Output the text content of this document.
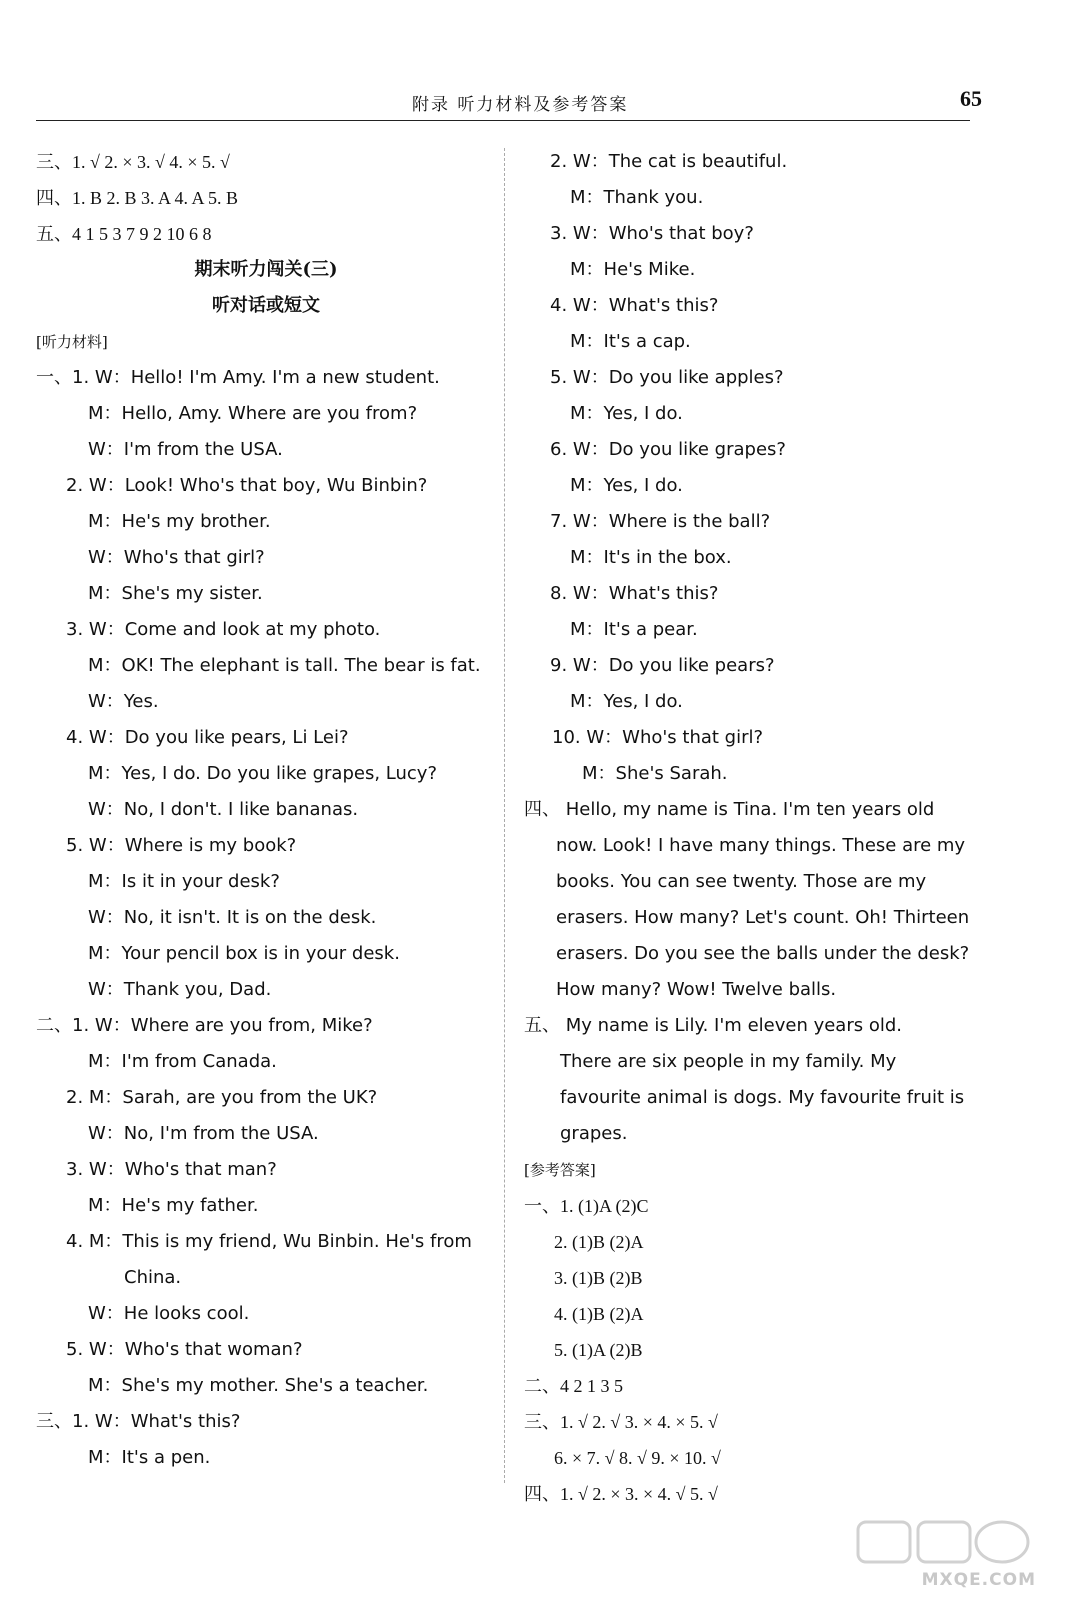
附录 听力材料及参考答案	65
三、1. √ 2. × 3. √ 4. × 5. √
四、1. B 2. B 3. A 4. A 5. B
五、4 1 5 3 7 9 2 10 6 8
期末听力闯关(三)
听对话或短文
[听力材料]
一、1. W：Hello! I'm Amy. I'm a new student.
M：Hello, Amy. Where are you from?
W：I'm from the USA.
2. W：Look! Who's that boy, Wu Binbin?
M：He's my brother.
W：Who's that girl?
M：She's my sister.
3. W：Come and look at my photo.
M：OK! The elephant is tall. The bear is fat.
W：Yes.
4. W：Do you like pears, Li Lei?
M：Yes, I do. Do you like grapes, Lucy?
W：No, I don't. I like bananas.
5. W：Where is my book?
M：Is it in your desk?
W：No, it isn't. It is on the desk.
M：Your pencil box is in your desk.
W：Thank you, Dad.
二、1. W：Where are you from, Mike?
M：I'm from Canada.
2. M：Sarah, are you from the UK?
W：No, I'm from the USA.
3. W：Who's that man?
M：He's my father.
4. M：This is my friend, Wu Binbin. He's from
China.
W：He looks cool.
5. W：Who's that woman?
M：She's my mother. She's a teacher.
三、1. W：What's this?
M：It's a pen.
2. W：The cat is beautiful.
M：Thank you.
3. W：Who's that boy?
M：He's Mike.
4. W：What's this?
M：It's a cap.
5. W：Do you like apples?
M：Yes, I do.
6. W：Do you like grapes?
M：Yes, I do.
7. W：Where is the ball?
M：It's in the box.
8. W：What's this?
M：It's a pear.
9. W：Do you like pears?
M：Yes, I do.
10. W：Who's that girl?
M：She's Sarah.
四、 Hello, my name is Tina. I'm ten years old
now. Look! I have many things. These are my
books. You can see twenty. Those are my
erasers. How many? Let's count. Oh! Thirteen
erasers. Do you see the balls under the desk?
How many? Wow! Twelve balls.
五、 My name is Lily. I'm eleven years old.
There are six people in my family. My
favourite animal is dogs. My favourite fruit is
grapes.
[参考答案]
一、1. (1)A (2)C
2. (1)B (2)A
3. (1)B (2)B
4. (1)B (2)A
5. (1)A (2)B
二、4 2 1 3 5
三、1. √ 2. √ 3. × 4. × 5. √
6. × 7. √ 8. √ 9. × 10. √
四、1. √ 2. × 3. × 4. √ 5. √
MXQE.COM
